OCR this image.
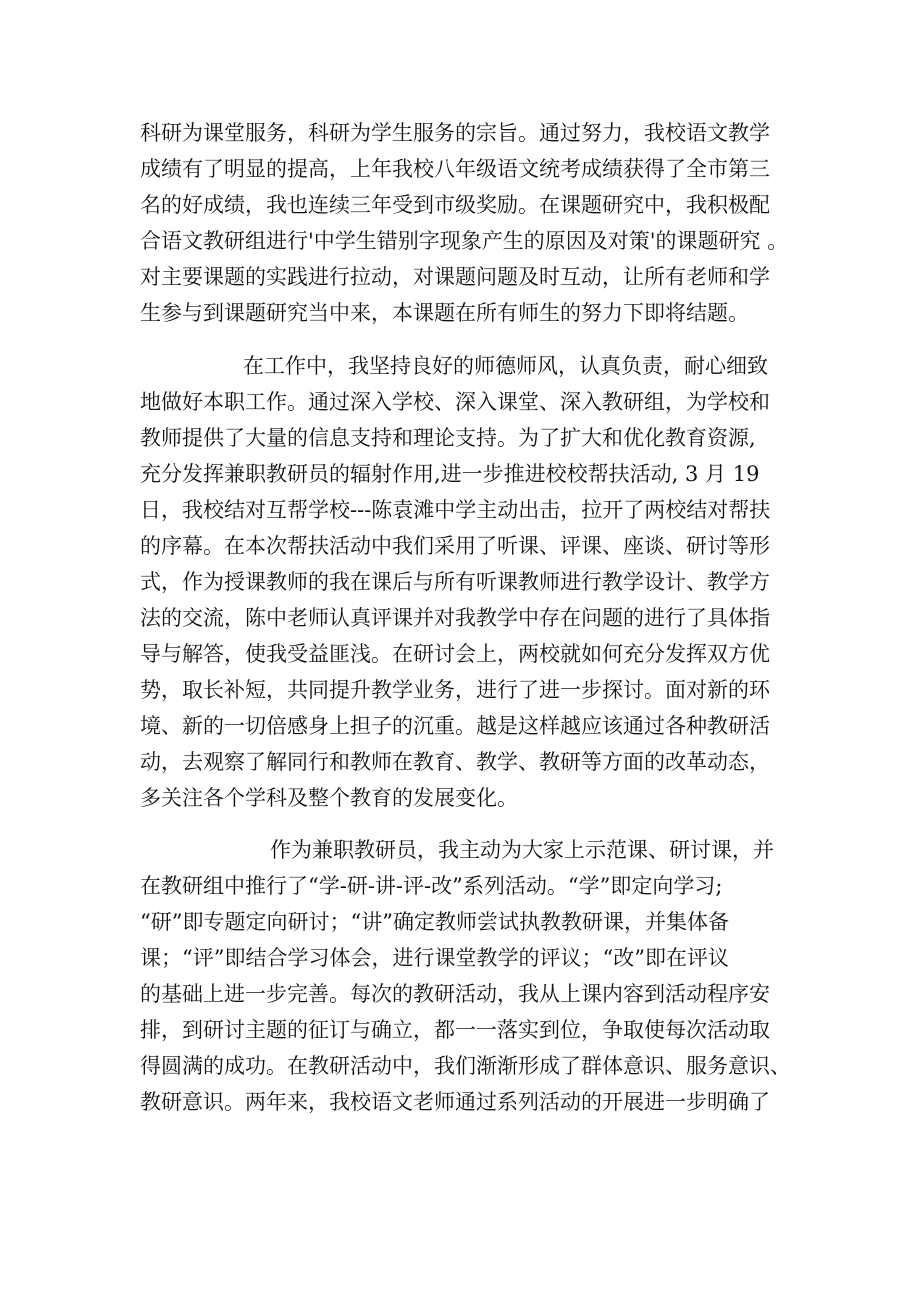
科研为课堂服务，科研为学生服务的宗旨。通过努力，我校语文教学
成绩有了明显的提高，上年我校八年级语文统考成绩获得了全市第三
名的好成绩，我也连续三年受到市级奖励。在课题研究中，我积极配
合语文教研组进行'中学生错别字现象产生的原因及对策'的课题研究 。
对主要课题的实践进行拉动，对课题问题及时互动，让所有老师和学
生参与到课题研究当中来，本课题在所有师生的努力下即将结题。
在工作中，我坚持良好的师德师风，认真负责，耐心细致
地做好本职工作。通过深入学校、深入课堂、深入教研组，为学校和
教师提供了大量的信息支持和理论支持。为了扩大和优化教育资源,
充分发挥兼职教研员的辐射作用,进一步推进校校帮扶活动, 3 月 19
日，我校结对互帮学校---陈袁滩中学主动出击，拉开了两校结对帮扶
的序幕。在本次帮扶活动中我们采用了听课、评课、座谈、研讨等形
式，作为授课教师的我在课后与所有听课教师进行教学设计、教学方
法的交流，陈中老师认真评课并对我教学中存在问题的进行了具体指
导与解答，使我受益匪浅。在研讨会上，两校就如何充分发挥双方优
势，取长补短，共同提升教学业务，进行了进一步探讨。面对新的环
境、新的一切倍感身上担子的沉重。越是这样越应该通过各种教研活
动，去观察了解同行和教师在教育、教学、教研等方面的改革动态，
多关注各个学科及整个教育的发展变化。
作为兼职教研员，我主动为大家上示范课、研讨课，并
在教研组中推行了“学-研-讲-评-改”系列活动。“学”即定向学习;
“研”即专题定向研讨；“讲”确定教师尝试执教教研课，并集体备
课；“评”即结合学习体会，进行课堂教学的评议；“改”即在评议
的基础上进一步完善。每次的教研活动，我从上课内容到活动程序安
排，到研讨主题的征订与确立，都一一落实到位，争取使每次活动取
得圆满的成功。在教研活动中，我们渐渐形成了群体意识、服务意识、
教研意识。两年来，我校语文老师通过系列活动的开展进一步明确了
